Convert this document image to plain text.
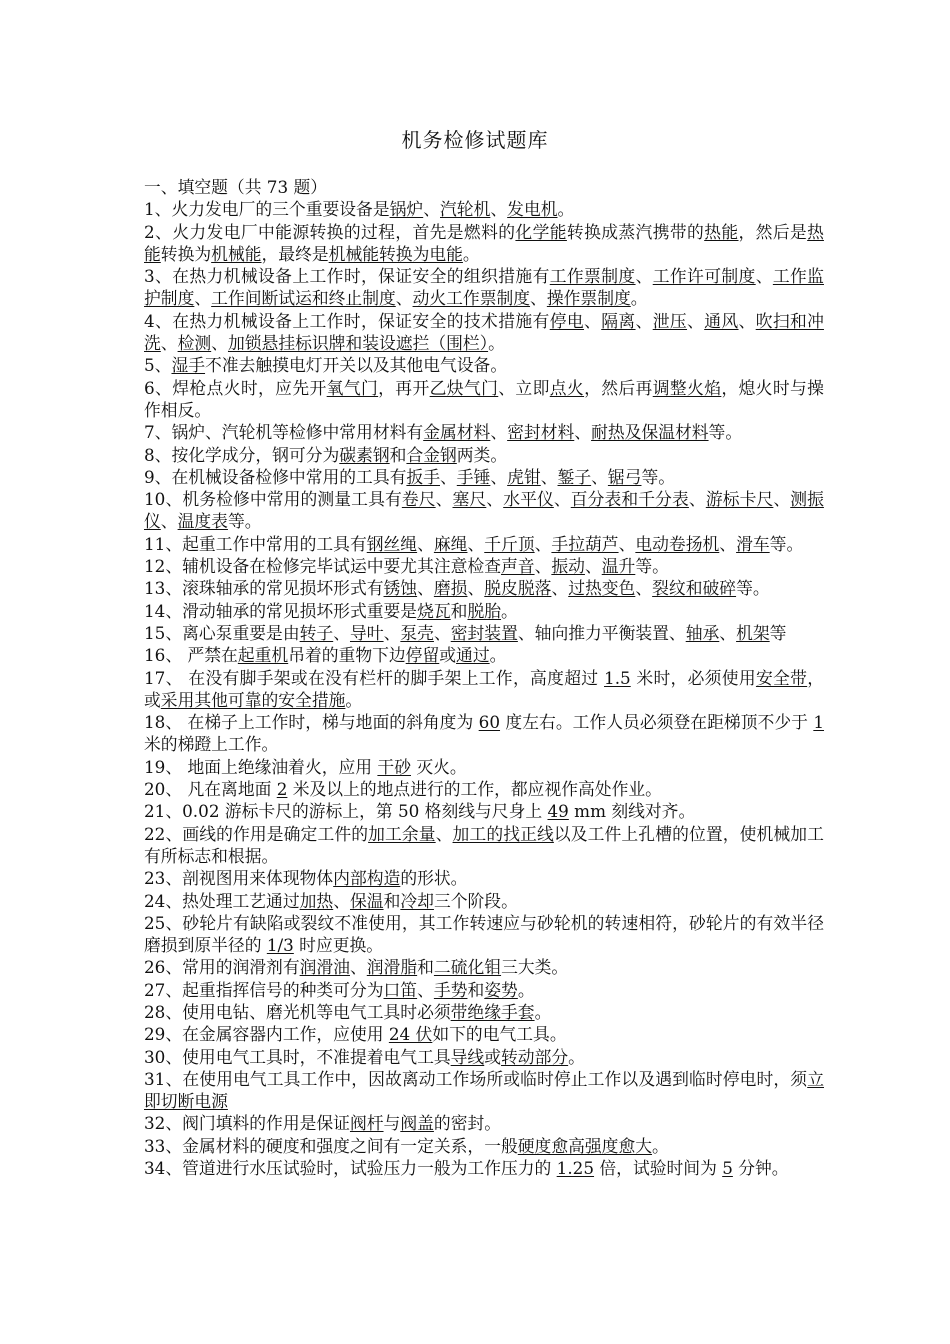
机务检修试题库
一、填空题（共 73 题）

1、火力发电厂的三个重要设备是锅炉、汽轮机、发电机。

2、火力发电厂中能源转换的过程，首先是燃料的化学能转换成蒸汽携带的热能，然后是热能转换为机械能，最终是机械能转换为电能。

3、在热力机械设备上工作时，保证安全的组织措施有工作票制度、工作许可制度、工作监护制度、工作间断试运和终止制度、动火工作票制度、操作票制度。

4、在热力机械设备上工作时，保证安全的技术措施有停电、隔离、泄压、通风、吹扫和冲洗、检测、加锁悬挂标识牌和装设遮拦（围栏）。

5、湿手不准去触摸电灯开关以及其他电气设备。

6、焊枪点火时，应先开氧气门，再开乙炔气门、立即点火，然后再调整火焰，熄火时与操作相反。

7、锅炉、汽轮机等检修中常用材料有金属材料、密封材料、耐热及保温材料等。

8、按化学成分，钢可分为碳素钢和合金钢两类。

9、在机械设备检修中常用的工具有扳手、手锤、虎钳、錾子、锯弓等。

10、机务检修中常用的测量工具有卷尺、塞尺、水平仪、百分表和千分表、游标卡尺、测振仪、温度表等。

11、起重工作中常用的工具有钢丝绳、麻绳、千斤顶、手拉葫芦、电动卷扬机、滑车等。

12、辅机设备在检修完毕试运中要尤其注意检查声音、振动、温升等。

13、滚珠轴承的常见损坏形式有锈蚀、磨损、脱皮脱落、过热变色、裂纹和破碎等。

14、滑动轴承的常见损坏形式重要是烧瓦和脱胎。

15、离心泵重要是由转子、导叶、泵壳、密封装置、轴向推力平衡装置、轴承、机架等

16、 严禁在起重机吊着的重物下边停留或通过。

17、 在没有脚手架或在没有栏杆的脚手架上工作，高度超过 1.5 米时，必须使用安全带，或采用其他可靠的安全措施。

18、 在梯子上工作时，梯与地面的斜角度为 60 度左右。工作人员必须登在距梯顶不少于 1 米的梯蹬上工作。

19、 地面上绝缘油着火，应用 干砂 灭火。

20、 凡在离地面 2 米及以上的地点进行的工作，都应视作高处作业。

21、0.02 游标卡尺的游标上，第 50 格刻线与尺身上 49 mm 刻线对齐。

22、画线的作用是确定工件的加工余量、加工的找正线以及工件上孔槽的位置，使机械加工有所标志和根据。

23、剖视图用来体现物体内部构造的形状。

24、热处理工艺通过加热、保温和冷却三个阶段。

25、砂轮片有缺陷或裂纹不准使用，其工作转速应与砂轮机的转速相符，砂轮片的有效半径磨损到原半径的 1/3 时应更换。

26、常用的润滑剂有润滑油、润滑脂和二硫化钼三大类。

27、起重指挥信号的种类可分为口笛、手势和姿势。

28、使用电钻、磨光机等电气工具时必须带绝缘手套。

29、在金属容器内工作，应使用 24 伏如下的电气工具。

30、使用电气工具时，不准提着电气工具导线或转动部分。

31、在使用电气工具工作中，因故离动工作场所或临时停止工作以及遇到临时停电时，须立即切断电源

32、阀门填料的作用是保证阀杆与阀盖的密封。

33、金属材料的硬度和强度之间有一定关系，一般硬度愈高强度愈大。

34、管道进行水压试验时，试验压力一般为工作压力的 1.25 倍，试验时间为 5 分钟。
